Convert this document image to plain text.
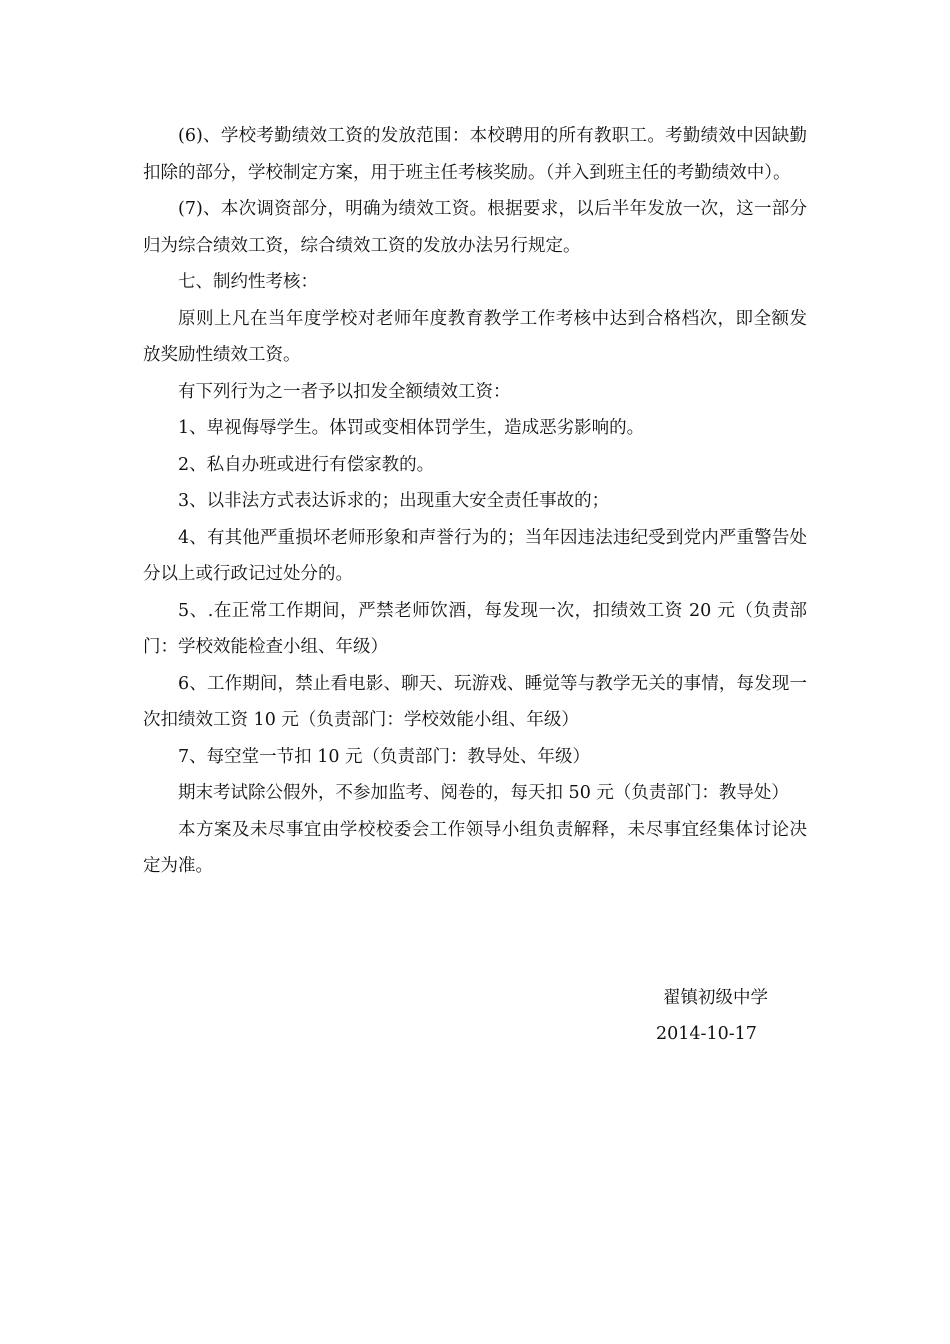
(6)、学校考勤绩效工资的发放范围：本校聘用的所有教职工。考勤绩效中因缺勤扣除的部分，学校制定方案，用于班主任考核奖励。（并入到班主任的考勤绩效中）。

(7)、本次调资部分，明确为绩效工资。根据要求，以后半年发放一次，这一部分归为综合绩效工资，综合绩效工资的发放办法另行规定。

七、制约性考核：

原则上凡在当年度学校对老师年度教育教学工作考核中达到合格档次，即全额发放奖励性绩效工资。

有下列行为之一者予以扣发全额绩效工资：

1、卑视侮辱学生。体罚或变相体罚学生，造成恶劣影响的。

2、私自办班或进行有偿家教的。

3、以非法方式表达诉求的；出现重大安全责任事故的；

4、有其他严重损坏老师形象和声誉行为的；当年因违法违纪受到党内严重警告处分以上或行政记过处分的。

5、.在正常工作期间，严禁老师饮酒，每发现一次，扣绩效工资 20 元（负责部门：学校效能检查小组、年级）

6、工作期间，禁止看电影、聊天、玩游戏、睡觉等与教学无关的事情，每发现一次扣绩效工资 10 元（负责部门：学校效能小组、年级）

7、每空堂一节扣 10 元（负责部门：教导处、年级）

期末考试除公假外，不参加监考、阅卷的，每天扣 50 元（负责部门：教导处）

本方案及未尽事宜由学校校委会工作领导小组负责解释，未尽事宜经集体讨论决定为准。

翟镇初级中学
2014-10-17
